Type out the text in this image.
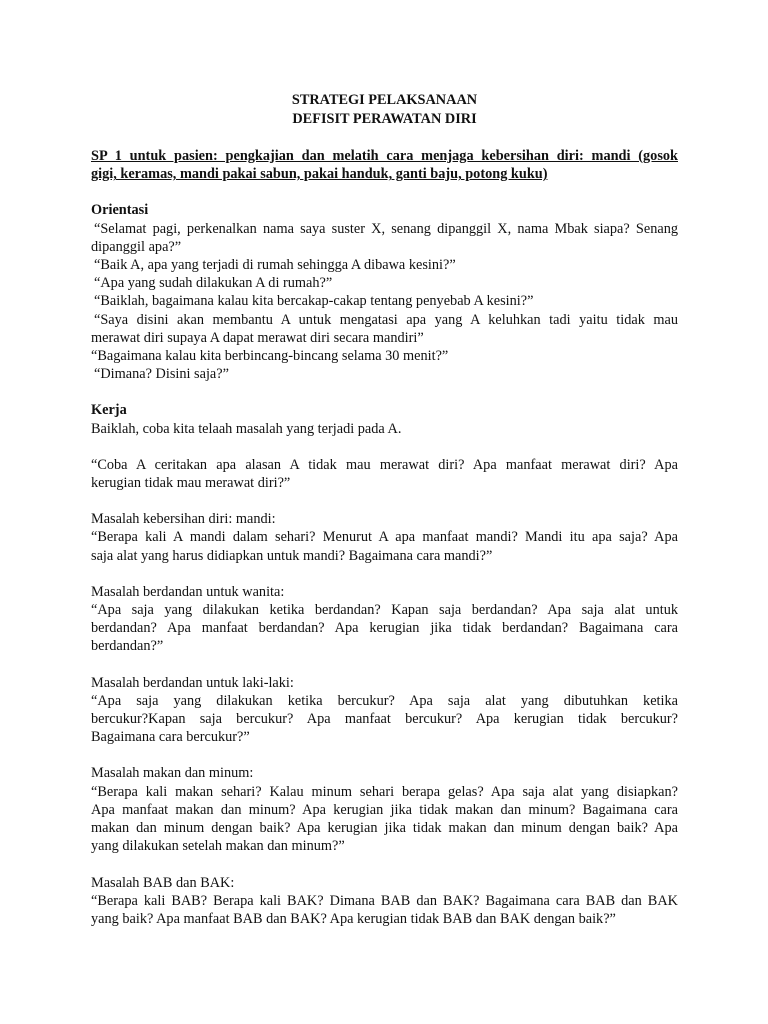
STRATEGI PELAKSANAAN
DEFISIT PERAWATAN DIRI
SP 1 untuk pasien: pengkajian dan melatih cara menjaga kebersihan diri: mandi (gosok
gigi, keramas, mandi pakai sabun, pakai handuk, ganti baju, potong kuku)
Orientasi
“Selamat pagi, perkenalkan nama saya suster X, senang dipanggil X, nama Mbak siapa? Senang
dipanggil apa?”
“Baik A, apa yang terjadi di rumah sehingga A dibawa kesini?”
“Apa yang sudah dilakukan A di rumah?”
“Baiklah, bagaimana kalau kita bercakap-cakap tentang penyebab A kesini?”
“Saya disini akan membantu A untuk mengatasi apa yang A keluhkan tadi yaitu tidak mau
merawat diri supaya A dapat merawat diri secara mandiri”
“Bagaimana kalau kita berbincang-bincang selama 30 menit?”
“Dimana? Disini saja?”
Kerja
Baiklah, coba kita telaah masalah yang terjadi pada A.
“Coba A ceritakan apa alasan A tidak mau merawat diri? Apa manfaat merawat diri? Apa
kerugian tidak mau merawat diri?”
Masalah kebersihan diri: mandi:
“Berapa kali A mandi dalam sehari? Menurut A apa manfaat mandi? Mandi itu apa saja? Apa
saja alat yang harus didiapkan untuk mandi? Bagaimana cara mandi?”
Masalah berdandan untuk wanita:
“Apa saja yang dilakukan ketika berdandan? Kapan saja berdandan? Apa saja alat untuk
berdandan? Apa manfaat berdandan? Apa kerugian jika tidak berdandan? Bagaimana cara
berdandan?”
Masalah berdandan untuk laki-laki:
“Apa saja yang dilakukan ketika bercukur? Apa saja alat yang dibutuhkan ketika
bercukur?Kapan saja bercukur? Apa manfaat bercukur? Apa kerugian tidak bercukur?
Bagaimana cara bercukur?”
Masalah makan dan minum:
“Berapa kali makan sehari? Kalau minum sehari berapa gelas? Apa saja alat yang disiapkan?
Apa manfaat makan dan minum? Apa kerugian jika tidak makan dan minum? Bagaimana cara
makan dan minum dengan baik? Apa kerugian jika tidak makan dan minum dengan baik? Apa
yang dilakukan setelah makan dan minum?”
Masalah BAB dan BAK:
“Berapa kali BAB? Berapa kali BAK? Dimana BAB dan BAK? Bagaimana cara BAB dan BAK
yang baik? Apa manfaat BAB dan BAK? Apa kerugian tidak BAB dan BAK dengan baik?”
